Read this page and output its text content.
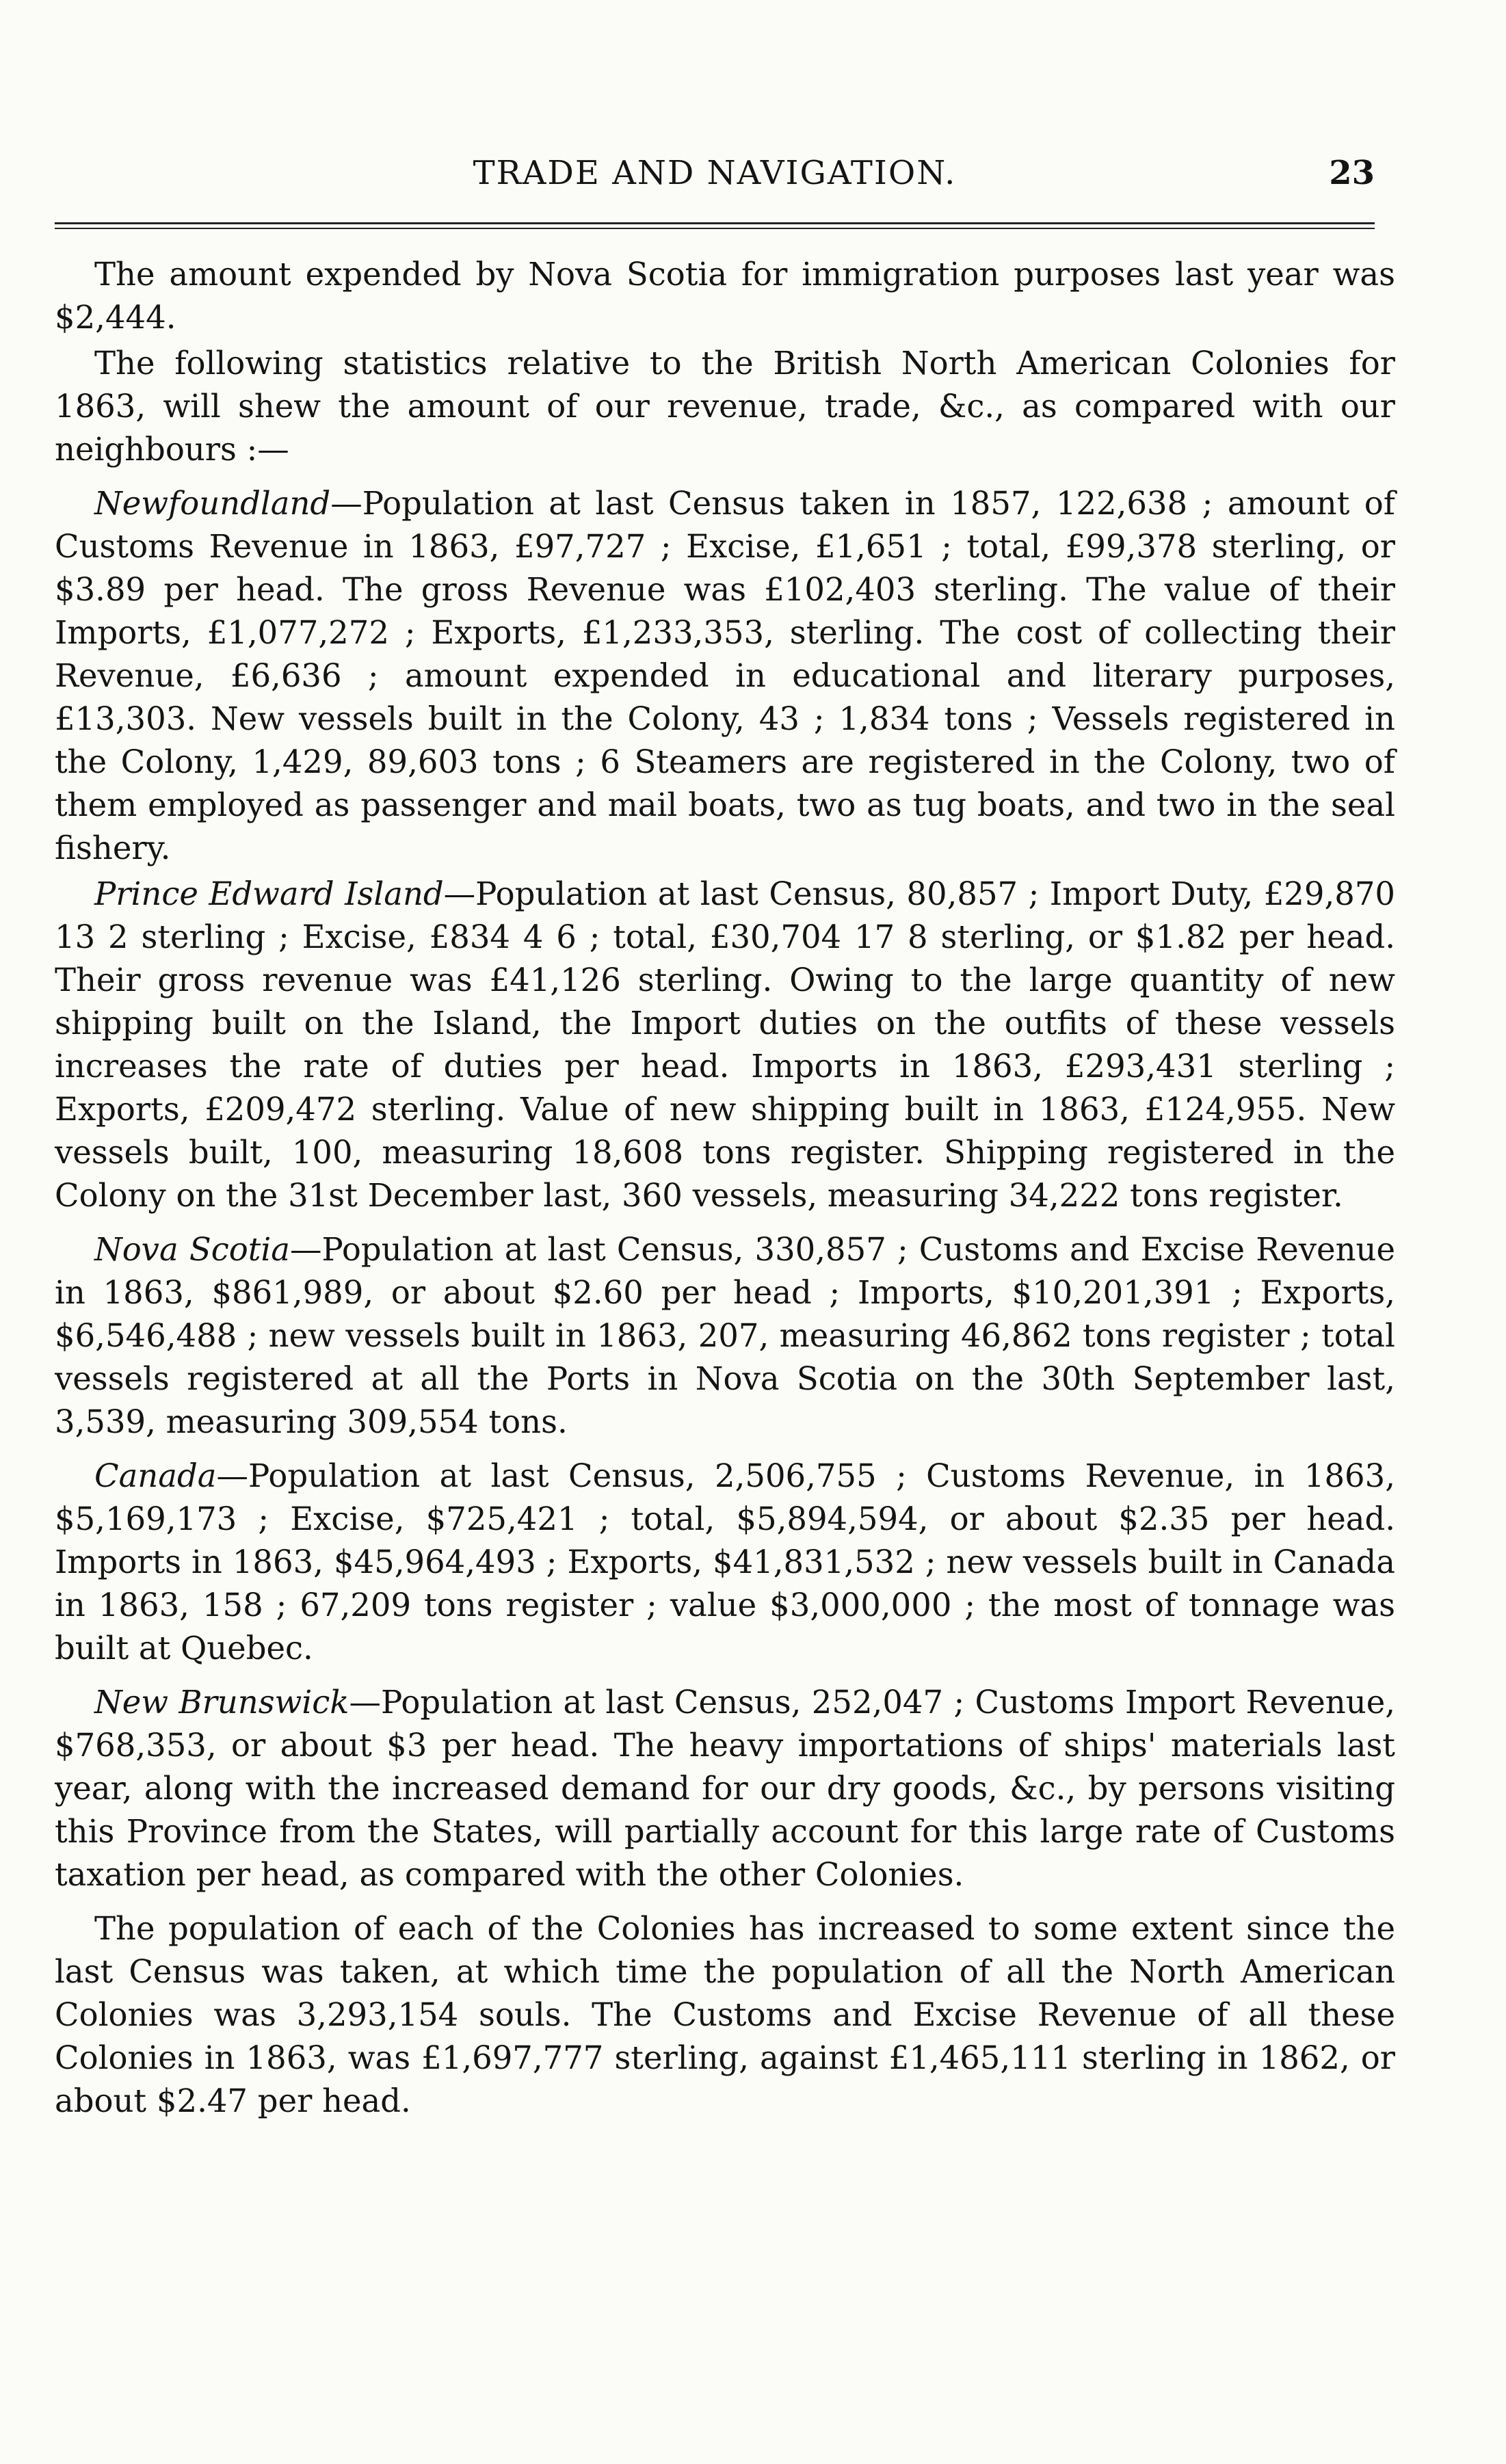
TRADE AND NAVIGATION.	23

The amount expended by Nova Scotia for immigration purposes last year was $2,444.

The following statistics relative to the British North American Colonies for 1863, will shew the amount of our revenue, trade, &c., as compared with our neighbours :—

Newfoundland—Population at last Census taken in 1857, 122,638 ; amount of Customs Revenue in 1863, £97,727 ; Excise, £1,651 ; total, £99,378 sterling, or $3.89 per head. The gross Revenue was £102,403 sterling. The value of their Imports, £1,077,272 ; Exports, £1,233,353, sterling. The cost of collecting their Revenue, £6,636 ; amount expended in educational and literary purposes, £13,303. New vessels built in the Colony, 43 ; 1,834 tons ; Vessels registered in the Colony, 1,429, 89,603 tons ; 6 Steamers are registered in the Colony, two of them employed as passenger and mail boats, two as tug boats, and two in the seal fishery.

Prince Edward Island—Population at last Census, 80,857 ; Import Duty, £29,870 13 2 sterling ; Excise, £834 4 6 ; total, £30,704 17 8 sterling, or $1.82 per head. Their gross revenue was £41,126 sterling. Owing to the large quantity of new shipping built on the Island, the Import duties on the outfits of these vessels increases the rate of duties per head. Imports in 1863, £293,431 sterling ; Exports, £209,472 sterling. Value of new shipping built in 1863, £124,955. New vessels built, 100, measuring 18,608 tons register. Shipping registered in the Colony on the 31st December last, 360 vessels, measuring 34,222 tons register.

Nova Scotia—Population at last Census, 330,857 ; Customs and Excise Revenue in 1863, $861,989, or about $2.60 per head ; Imports, $10,201,391 ; Exports, $6,546,488 ; new vessels built in 1863, 207, measuring 46,862 tons register ; total vessels registered at all the Ports in Nova Scotia on the 30th September last, 3,539, measuring 309,554 tons.

Canada—Population at last Census, 2,506,755 ; Customs Revenue, in 1863, $5,169,173 ; Excise, $725,421 ; total, $5,894,594, or about $2.35 per head. Imports in 1863, $45,964,493 ; Exports, $41,831,532 ; new vessels built in Canada in 1863, 158 ; 67,209 tons register ; value $3,000,000 ; the most of tonnage was built at Quebec.

New Brunswick—Population at last Census, 252,047 ; Customs Import Revenue, $768,353, or about $3 per head. The heavy importations of ships' materials last year, along with the increased demand for our dry goods, &c., by persons visiting this Province from the States, will partially account for this large rate of Customs taxation per head, as compared with the other Colonies.

The population of each of the Colonies has increased to some extent since the last Census was taken, at which time the population of all the North American Colonies was 3,293,154 souls. The Customs and Excise Revenue of all these Colonies in 1863, was £1,697,777 sterling, against £1,465,111 sterling in 1862, or about $2.47 per head.
